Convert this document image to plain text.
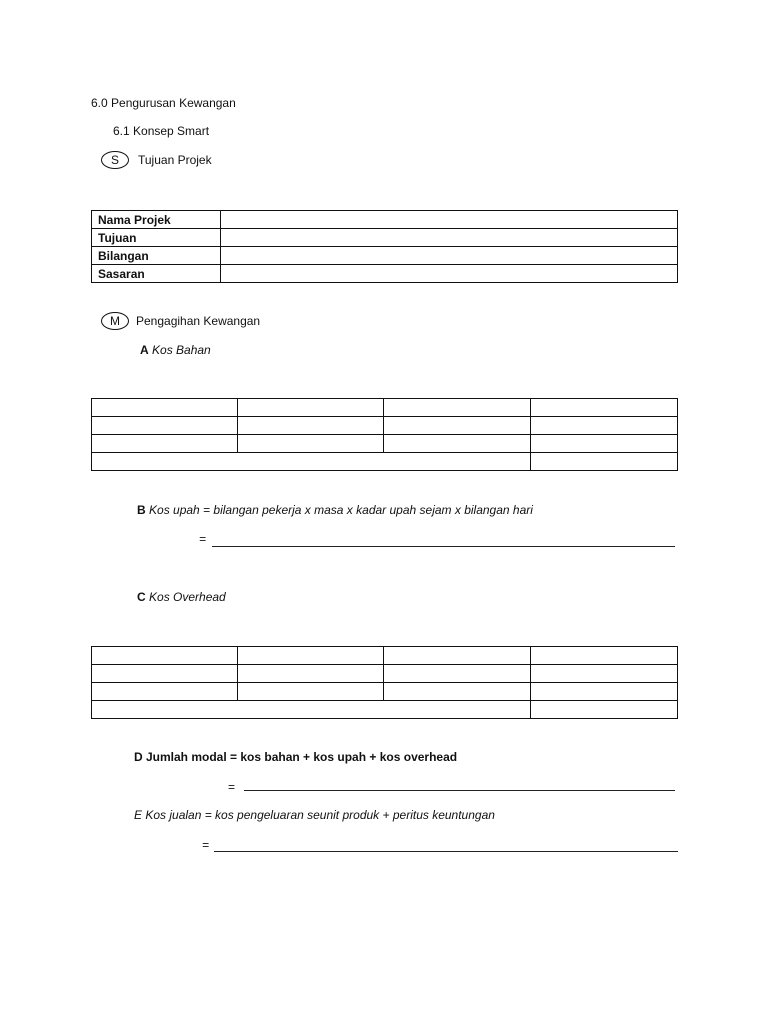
6.0 Pengurusan Kewangan
6.1 Konsep Smart
S	Tujuan Projek
Nama Projek	
Tujuan	
Bilangan	
Sasaran	
M	Pengagihan Kewangan
A Kos Bahan

B Kos upah = bilangan pekerja x masa x kadar upah sejam x bilangan hari
=
C Kos Overhead

D Jumlah modal = kos bahan + kos upah + kos overhead
=
E Kos jualan = kos pengeluaran seunit produk + peritus keuntungan
=
